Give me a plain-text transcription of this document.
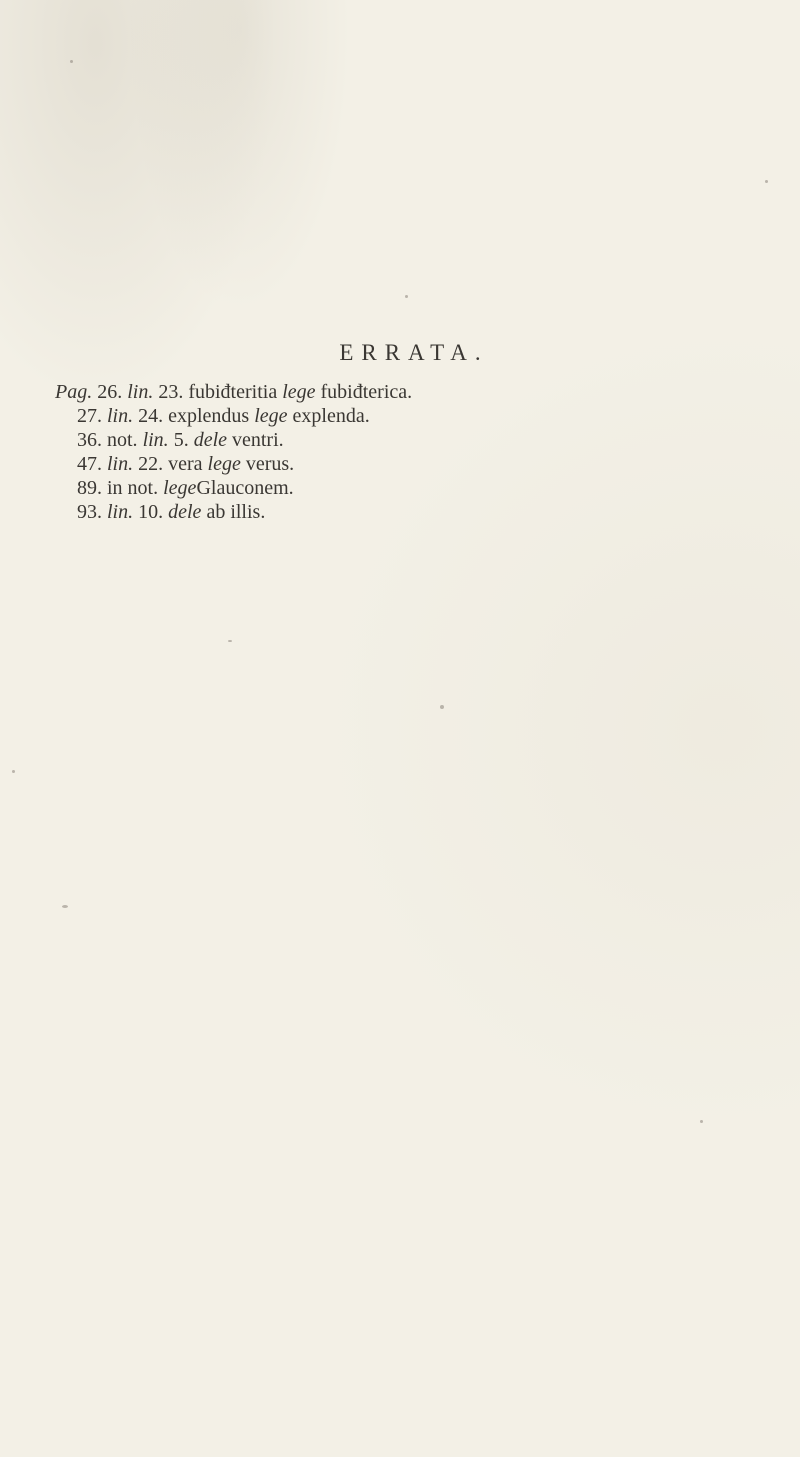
ERRATA.
Pag. 26. lin. 23. fubiđteritia lege fubiđterica.
27. lin. 24. explendus lege explenda.
36. not. lin. 5. dele ventri.
47. lin. 22. vera lege verus.
89. in not. legeGlauconem.
93. lin. 10. dele ab illis.
